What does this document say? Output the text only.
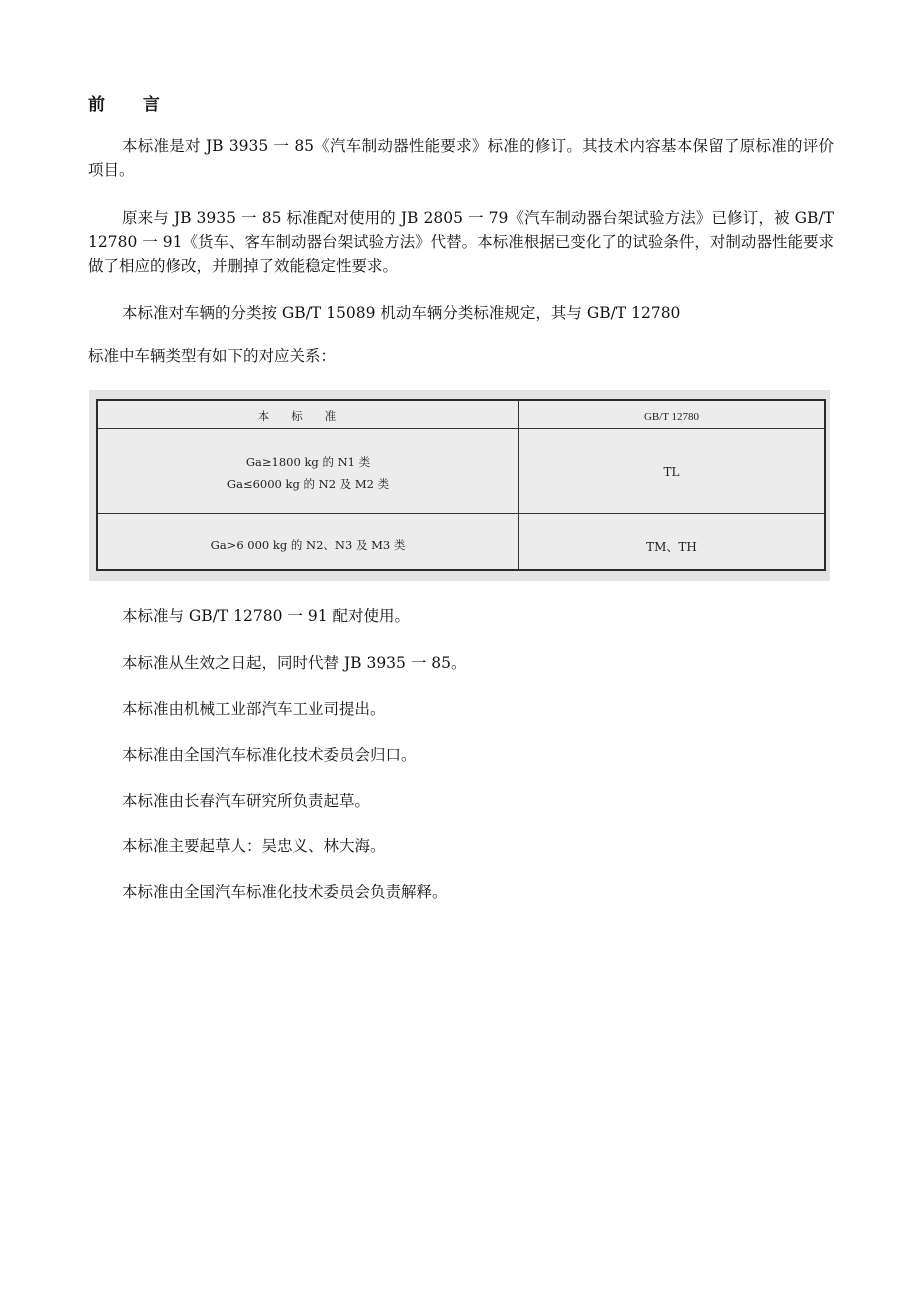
前 言
本标准是对 JB 3935 一 85《汽车制动器性能要求》标准的修订。其技术内容基本保留了原标准的评价项目。
原来与 JB 3935 一 85 标准配对使用的 JB 2805 一 79《汽车制动器台架试验方法》已修订，被 GB/T 12780 一 91《货车、客车制动器台架试验方法》代替。本标准根据已变化了的试验条件，对制动器性能要求做了相应的修改，并删掉了效能稳定性要求。
本标准对车辆的分类按 GB/T 15089 机动车辆分类标准规定，其与 GB/T 12780
标准中车辆类型有如下的对应关系：
本标准	GB/T 12780
Ga≥1800 kg 的 N1 类
Ga≤6000 kg 的 N2 及 M2 类
TL
Ga>6 000 kg 的 N2、N3 及 M3 类	TM、TH
本标准与 GB/T 12780 一 91 配对使用。
本标准从生效之日起，同时代替 JB 3935 一 85。
本标准由机械工业部汽车工业司提出。
本标准由全国汽车标准化技术委员会归口。
本标准由长春汽车研究所负责起草。
本标准主要起草人：吴忠义、林大海。
本标准由全国汽车标准化技术委员会负责解释。
